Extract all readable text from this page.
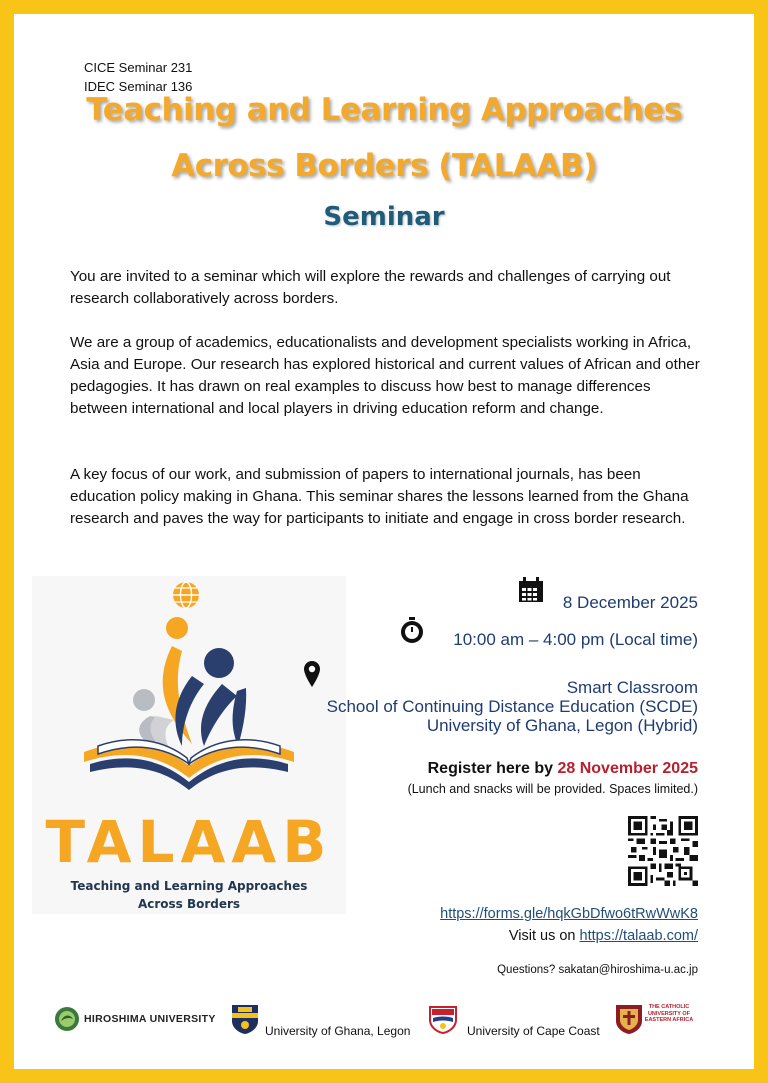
CICE Seminar 231
IDEC Seminar 136
Teaching and Learning Approaches
Across Borders (TALAAB)
Seminar

You are invited to a seminar which will explore the rewards and challenges of carrying out research collaboratively across borders.

We are a group of academics, educationalists and development specialists working in Africa, Asia and Europe. Our research has explored historical and current values of African and other pedagogies. It has drawn on real examples to discuss how best to manage differences between international and local players in driving education reform and change.

A key focus of our work, and submission of papers to international journals, has been education policy making in Ghana. This seminar shares the lessons learned from the Ghana research and paves the way for participants to initiate and engage in cross border research.

TALAAB
Teaching and Learning Approaches
Across Borders
8 December 2025
10:00 am – 4:00 pm (Local time)
Smart Classroom
School of Continuing Distance Education (SCDE)
University of Ghana, Legon (Hybrid)
Register here by 28 November 2025
(Lunch and snacks will be provided. Spaces limited.)
https://forms.gle/hqkGbDfwo6tRwWwK8
Visit us on https://talaab.com/
Questions? sakatan@hiroshima-u.ac.jp
HIROSHIMA UNIVERSITY
University of Ghana, Legon	University of Cape Coast
THE CATHOLIC UNIVERSITY OF EASTERN AFRICA
